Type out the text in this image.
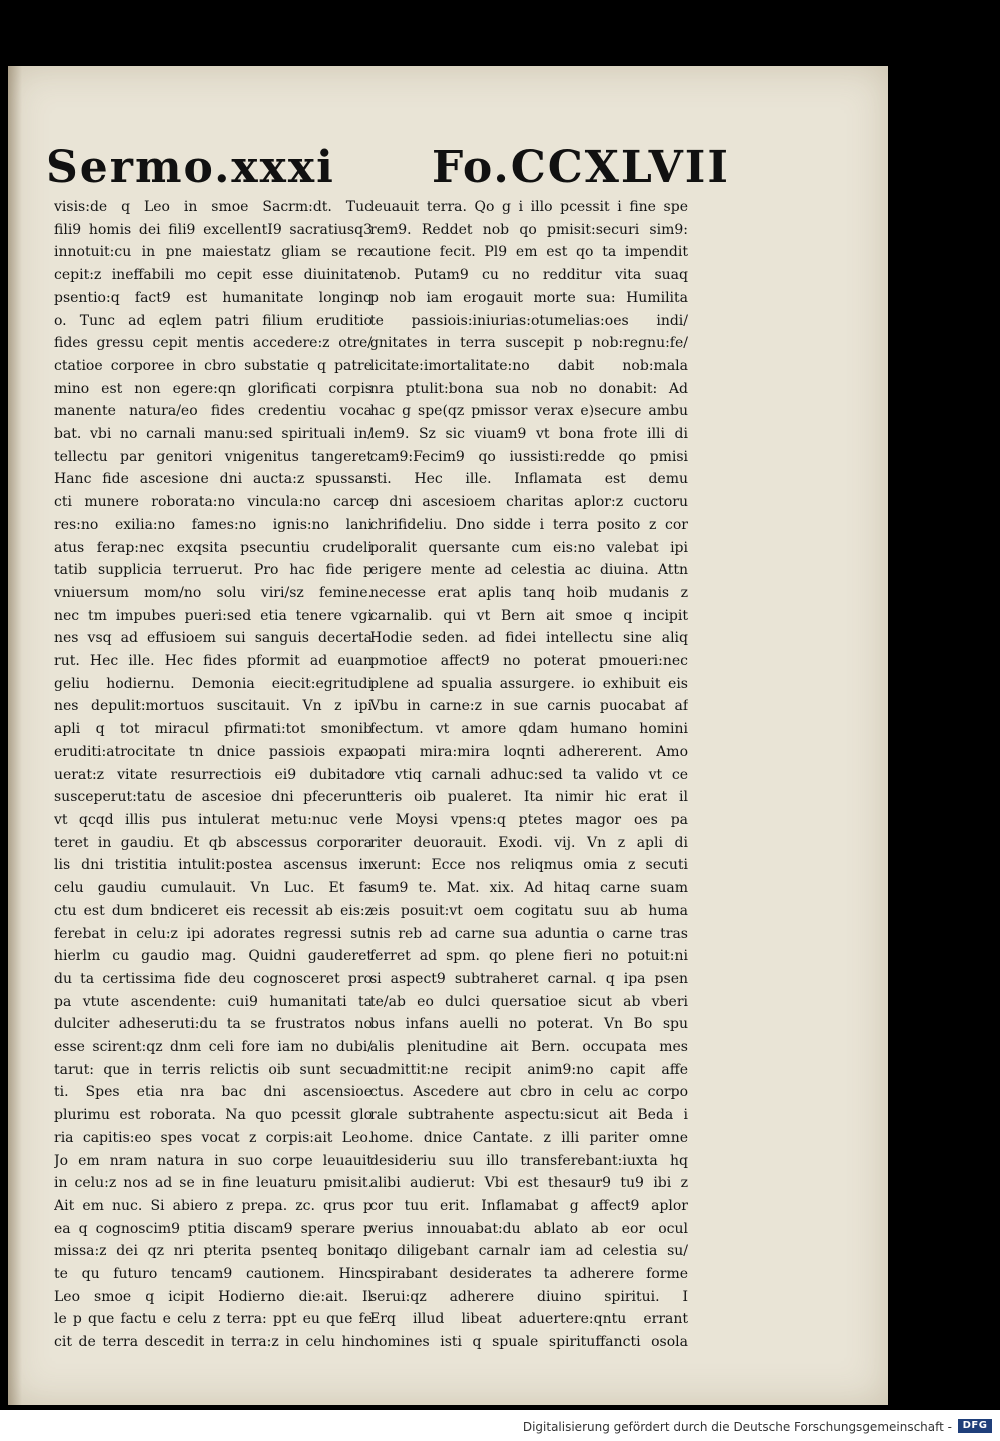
Sermo.xxxi Fo.CCXLVII
visis:de q Leo in smoe Sacrm:dt. Tuc
fili9 homis dei fili9 excellentI9 sacratiusq3
innotuit:cu in pne maiestatz gliam se re
cepit:z ineffabili mo cepit esse diuinitate
psentio:q fact9 est humanitate longinq
o. Tunc ad eqlem patri filium eruditio
fides gressu cepit mentis accedere:z otre/
ctatioe corporee in cbro substatie q patre
mino est non egere:qn glorificati corpis
manente natura/eo fides credentiu voca
bat. vbi no carnali manu:sed spirituali in/
tellectu par genitori vnigenitus tangeret
Hanc fide ascesione dni aucta:z spussan
cti munere roborata:no vincula:no carce
res:no exilia:no fames:no ignis:no lani
atus ferap:nec exqsita psecuntiu crudeli
tatib supplicia terruerut. Pro hac fide p
vniuersum mom/no solu viri/sz femine.
nec tm impubes pueri:sed etia tenere vgi
nes vsq ad effusioem sui sanguis decerta
rut. Hec ille. Hec fides pformit ad euan
geliu hodiernu. Demonia eiecit:egritudi
nes depulit:mortuos suscitauit. Vn z ipi
apli q tot miracul pfirmati:tot smonib
eruditi:atrocitate tn dnice passiois expa
uerat:z vitate resurrectiois ei9 dubitado
susceperut:tatu de ascesioe dni pfecerunt
vt qcqd illis pus intulerat metu:nuc ver
teret in gaudiu. Et qb abscessus corpora
lis dni tristitia intulit:postea ascensus in
celu gaudiu cumulauit. Vn Luc. Et fa
ctu est dum bndiceret eis recessit ab eis:z
ferebat in celu:z ipi adorates regressi sut
hierlm cu gaudio mag. Quidni gauderet
du ta certissima fide deu cognosceret pro
pa vtute ascendente: cui9 humanitati ta
dulciter adheseruti:du ta se frustratos no
esse scirent:qz dnm celi fore iam no dubi/
tarut: que in terris relictis oib sunt secu
ti. Spes etia nra bac dni ascensioe
plurimu est roborata. Na quo pcessit glo
ria capitis:eo spes vocat z corpis:ait Leo.
Jo em nram natura in suo corpe leuauit
in celu:z nos ad se in fine leuaturu pmisit.
Ait em nuc. Si abiero z prepa. zc. qrus p
ea q cognoscim9 ptitia discam9 sperare p
missa:z dei qz nri pterita psenteq bonita
te qu futuro tencam9 cautionem. Hinc
Leo smoe q icipit Hodierno die:ait. Il
le p que factu e celu z terra: ppt eu que fe
cit de terra descedit in terra:z in celu hinc
leuauit terra. Qo g i illo pcessit i fine spe
rem9. Reddet nob qo pmisit:securi sim9:
cautione fecit. Pl9 em est qo ta impendit
nob. Putam9 cu no redditur vita suaq
p nob iam erogauit morte sua: Humilita
te passiois:iniurias:otumelias:oes indi/
gnitates in terra suscepit p nob:regnu:fe/
licitate:imortalitate:no dabit nob:mala
nra ptulit:bona sua nob no donabit: Ad
hac g spe(qz pmissor verax e)secure ambu
lem9. Sz sic viuam9 vt bona frote illi di
cam9:Fecim9 qo iussisti:redde qo pmisi
sti. Hec ille. Inflamata est demu
p dni ascesioem charitas aplor:z cuctoru
chrifideliu. Dno sidde i terra posito z cor
poralit quersante cum eis:no valebat ipi
erigere mente ad celestia ac diuina. Attn
necesse erat aplis tanq hoib mudanis z
carnalib. qui vt Bern ait smoe q incipit
Hodie seden. ad fidei intellectu sine aliq
pmotioe affect9 no poterat pmoueri:nec
plene ad spualia assurgere. io exhibuit eis
Vbu in carne:z in sue carnis puocabat af
fectum. vt amore qdam humano homini
opati mira:mira loqnti adhererent. Amo
re vtiq carnali adhuc:sed ta valido vt ce
teris oib pualeret. Ita nimir hic erat il
le Moysi vpens:q ptetes magor oes pa
riter deuorauit. Exodi. vij. Vn z apli di
xerunt: Ecce nos reliqmus omia z secuti
sum9 te. Mat. xix. Ad hitaq carne suam
eis posuit:vt oem cogitatu suu ab huma
nis reb ad carne sua aduntia o carne tras
ferret ad spm. qo plene fieri no potuit:ni
si aspect9 subtraheret carnal. q ipa psen
te/ab eo dulci quersatioe sicut ab vberi
bus infans auelli no poterat. Vn Bo spu
alis plenitudine ait Bern. occupata mes
admittit:ne recipit anim9:no capit affe
ctus. Ascedere aut cbro in celu ac corpo
rale subtrahente aspectu:sicut ait Beda i
home. dnice Cantate. z illi pariter omne
desideriu suu illo transferebant:iuxta hq
alibi audierut: Vbi est thesaur9 tu9 ibi z
cor tuu erit. Inflamabat g affect9 aplor
verius innouabat:du ablato ab eor ocul
qo diligebant carnalr iam ad celestia su/
spirabant desiderates ta adherere forme
serui:qz adherere diuino spiritui. I
Erq illud libeat aduertere:qntu errant
homines isti q spuale spirituffancti osola
Digitalisierung gefördert durch die Deutsche Forschungsgemeinschaft -	DFG
